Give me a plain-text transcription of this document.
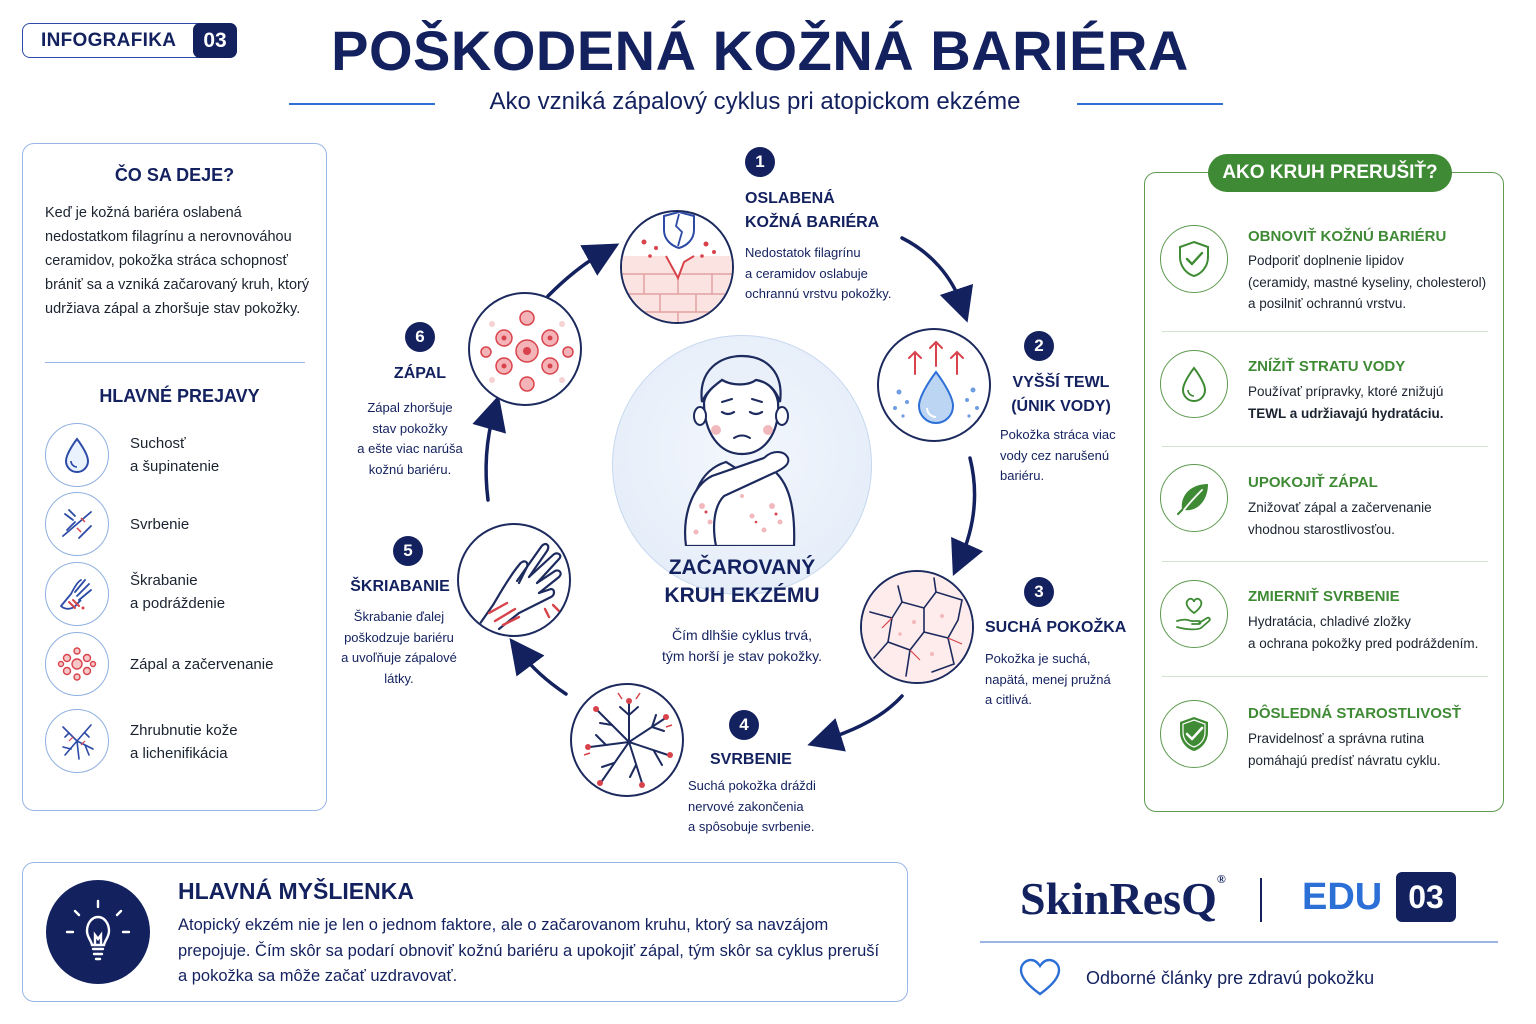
INFOGRAFIKA	03	POŠKODENÁ KOŽNÁ BARIÉRA
Ako vzniká zápalový cyklus pri atopickom ekzéme
ČO SA DEJE?
Keď je kožná bariéra oslabená nedostatkom filagrínu a nerovnováhou ceramidov, pokožka stráca schopnosť brániť sa a vzniká začarovaný kruh, ktorý udržiava zápal a zhoršuje stav pokožky.
HLAVNÉ PREJAVY
Suchosť
a šupinatenie
Svrbenie
Škrabanie
a podráždenie
Zápal a začervenanie
Zhrubnutie kože
a lichenifikácia
ZAČAROVANÝ
KRUH EKZÉMU
Čím dlhšie cyklus trvá,
tým horší je stav pokožky.
1
OSLABENÁ
KOŽNÁ BARIÉRA
Nedostatok filagrínu
a ceramidov oslabuje
ochrannú vrstvu pokožky.
2
VYŠŠÍ TEWL
(ÚNIK VODY)
Pokožka stráca viac
vody cez narušenú
bariéru.
3
SUCHÁ POKOŽKA
Pokožka je suchá,
napätá, menej pružná
a citlivá.
4
SVRBENIE
Suchá pokožka dráždi
nervové zakončenia
a spôsobuje svrbenie.
5
ŠKRIABANIE
Škrabanie ďalej
poškodzuje bariéru
a uvoľňuje zápalové
látky.
6
ZÁPAL
Zápal zhoršuje
stav pokožky
a ešte viac narúša
kožnú bariéru.
AKO KRUH PRERUŠIŤ?
OBNOVIŤ KOŽNÚ BARIÉRU
Podporiť doplnenie lipidov
(ceramidy, mastné kyseliny, cholesterol)
a posilniť ochrannú vrstvu.
ZNÍŽIŤ STRATU VODY
Používať prípravky, ktoré znižujú
TEWL a udržiavajú hydratáciu.
UPOKOJIŤ ZÁPAL
Znižovať zápal a začervenanie
vhodnou starostlivosťou.
ZMIERNIŤ SVRBENIE
Hydratácia, chladivé zložky
a ochrana pokožky pred podráždením.
DÔSLEDNÁ STAROSTLIVOSŤ
Pravidelnosť a správna rutina
pomáhajú predísť návratu cyklu.
HLAVNÁ MYŠLIENKA
Atopický ekzém nie je len o jednom faktore, ale o začarovanom kruhu, ktorý sa navzájom prepojuje. Čím skôr sa podarí obnoviť kožnú bariéru a upokojiť zápal, tým skôr sa cyklus preruší a pokožka sa môže začať uzdravovať.
SkinResQ® EDU 03
Odborné články pre zdravú pokožku
